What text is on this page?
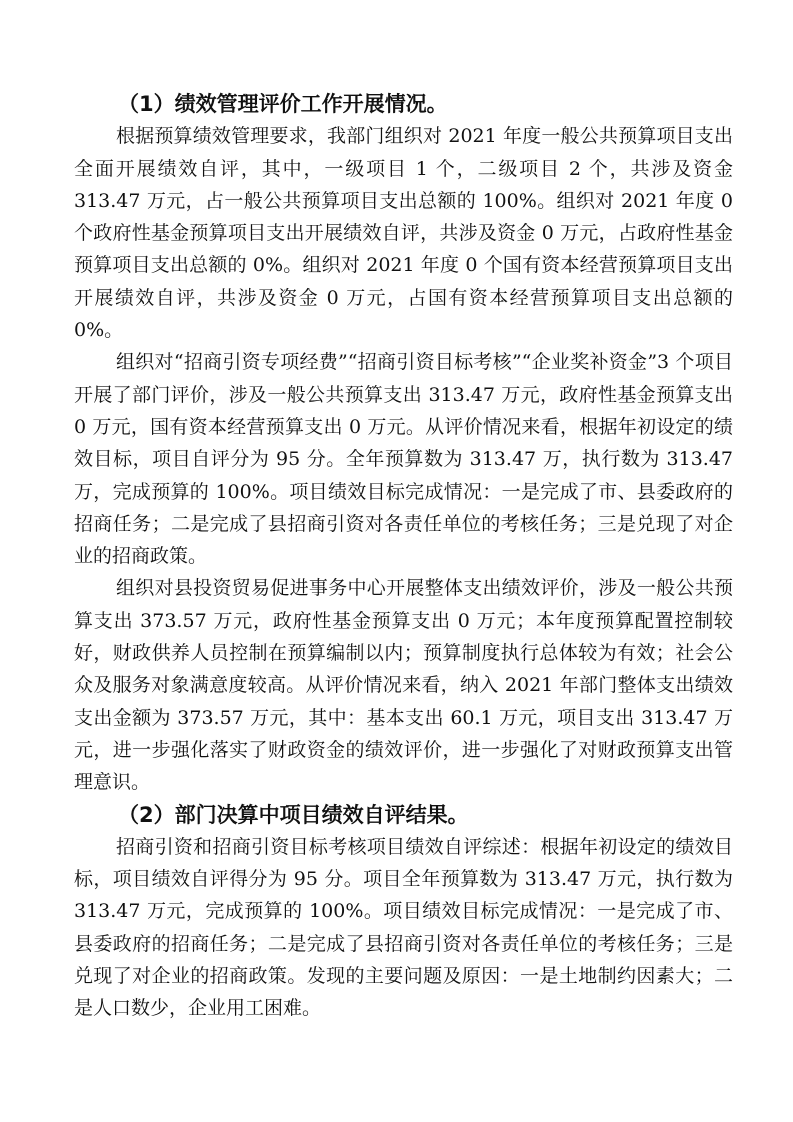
（1）绩效管理评价工作开展情况。

根据预算绩效管理要求，我部门组织对 2021 年度一般公共预算项目支出全面开展绩效自评，其中，一级项目 1 个，二级项目 2 个，共涉及资金 313.47 万元，占一般公共预算项目支出总额的 100%。组织对 2021 年度 0 个政府性基金预算项目支出开展绩效自评，共涉及资金 0 万元，占政府性基金预算项目支出总额的 0%。组织对 2021 年度 0 个国有资本经营预算项目支出开展绩效自评，共涉及资金 0 万元，占国有资本经营预算项目支出总额的 0%。

组织对“招商引资专项经费”“招商引资目标考核”“企业奖补资金”3 个项目开展了部门评价，涉及一般公共预算支出 313.47 万元，政府性基金预算支出 0 万元，国有资本经营预算支出 0 万元。从评价情况来看，根据年初设定的绩效目标，项目自评分为 95 分。全年预算数为 313.47 万，执行数为 313.47 万，完成预算的 100%。项目绩效目标完成情况：一是完成了市、县委政府的招商任务；二是完成了县招商引资对各责任单位的考核任务；三是兑现了对企业的招商政策。

组织对县投资贸易促进事务中心开展整体支出绩效评价，涉及一般公共预算支出 373.57 万元，政府性基金预算支出 0 万元；本年度预算配置控制较好，财政供养人员控制在预算编制以内；预算制度执行总体较为有效；社会公众及服务对象满意度较高。从评价情况来看，纳入 2021 年部门整体支出绩效支出金额为 373.57 万元，其中：基本支出 60.1 万元，项目支出 313.47 万元，进一步强化落实了财政资金的绩效评价，进一步强化了对财政预算支出管理意识。

（2）部门决算中项目绩效自评结果。

招商引资和招商引资目标考核项目绩效自评综述：根据年初设定的绩效目标，项目绩效自评得分为 95 分。项目全年预算数为 313.47 万元，执行数为 313.47 万元，完成预算的 100%。项目绩效目标完成情况：一是完成了市、县委政府的招商任务；二是完成了县招商引资对各责任单位的考核任务；三是兑现了对企业的招商政策。发现的主要问题及原因：一是土地制约因素大；二是人口数少，企业用工困难。
